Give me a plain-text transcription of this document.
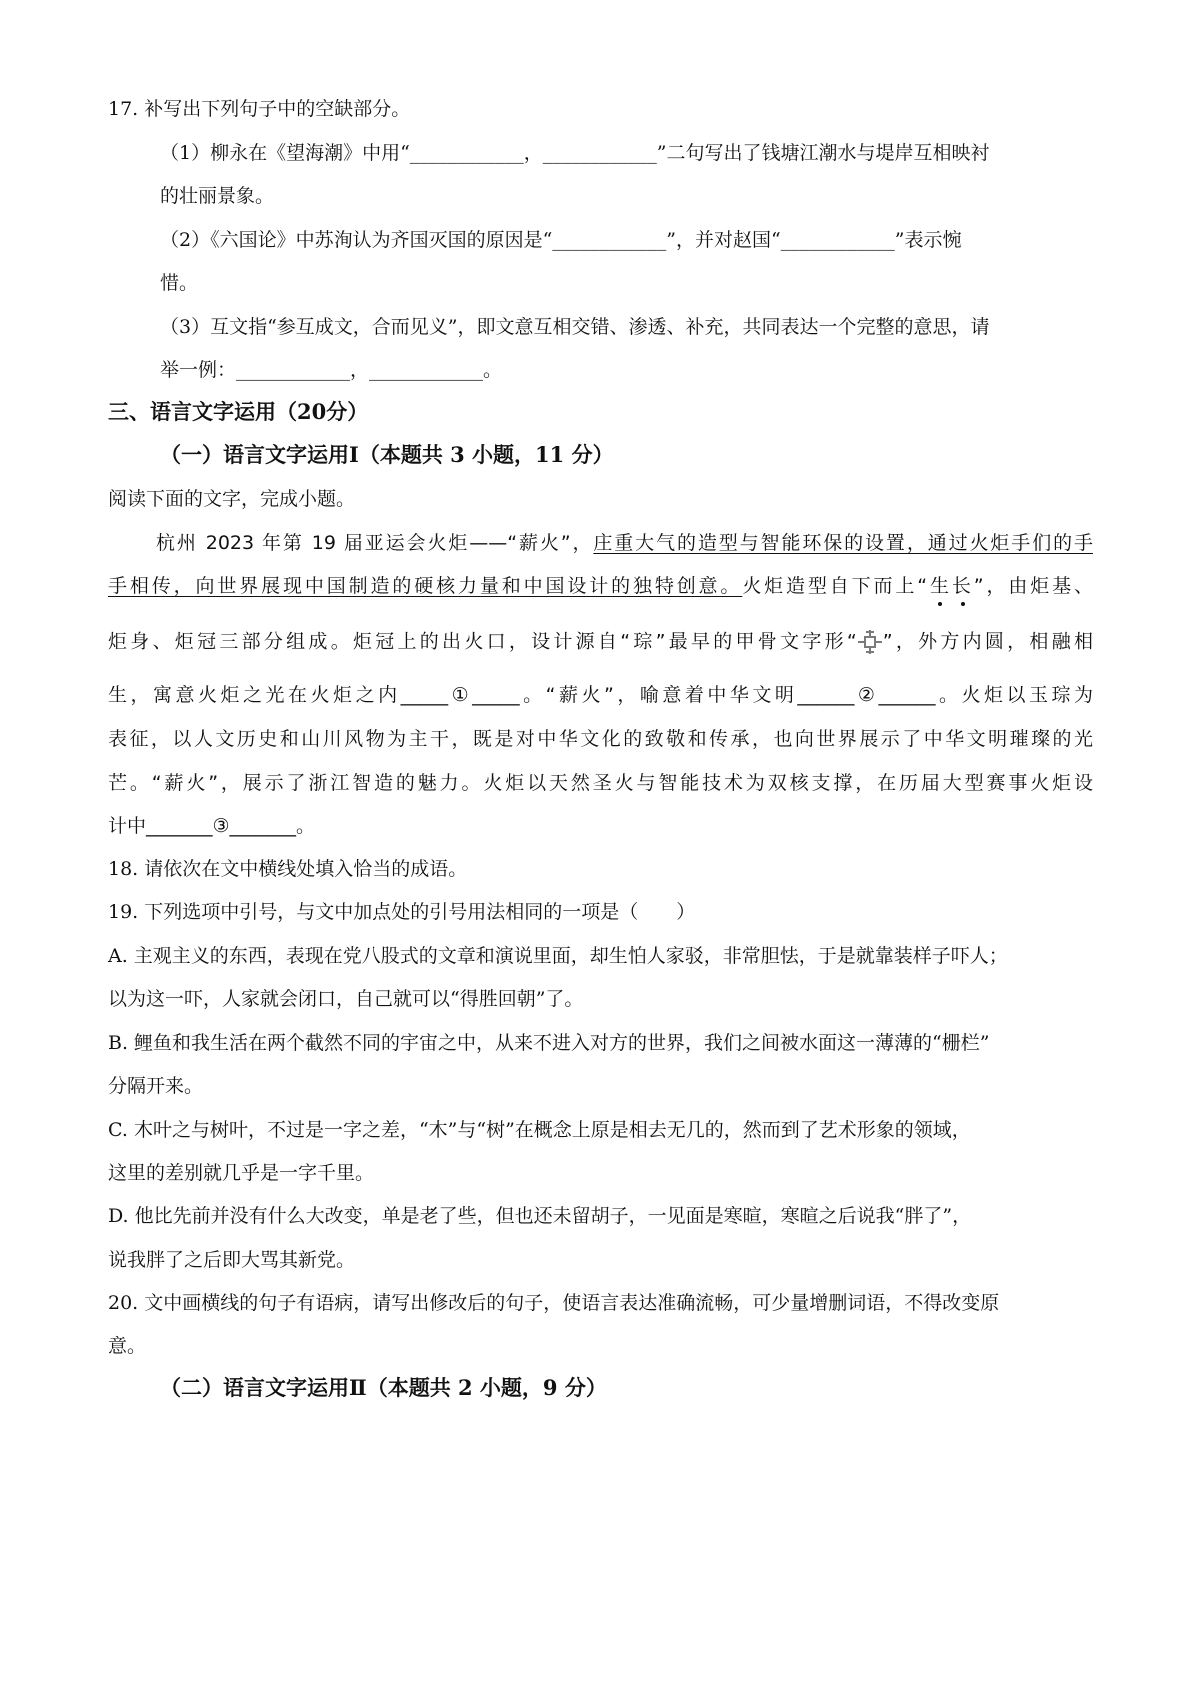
17. 补写出下列句子中的空缺部分。
（1）柳永在《望海潮》中用“____________，____________”二句写出了钱塘江潮水与堤岸互相映衬
的壮丽景象。
（2）《六国论》中苏洵认为齐国灭国的原因是“____________”，并对赵国“____________”表示惋
惜。
（3）互文指“参互成文，合而见义”，即文意互相交错、渗透、补充，共同表达一个完整的意思，请
举一例：____________，____________。
三、语言文字运用（20分）
（一）语言文字运用Ⅰ（本题共 3 小题，11 分）
阅读下面的文字，完成小题。
杭州 2023 年第 19 届亚运会火炬——“薪火”，庄重大气的造型与智能环保的设置，通过火炬手们的手
手相传，向世界展现中国制造的硬核力量和中国设计的独特创意。火炬造型自下而上“生长”，由炬基、
炬身、炬冠三部分组成。炬冠上的出火口，设计源自“琮”最早的甲骨文字形“ ”，外方内圆，相融相
生，寓意火炬之光在火炬之内_____①_____。“薪火”，喻意着中华文明______②______。火炬以玉琮为
表征，以人文历史和山川风物为主干，既是对中华文化的致敬和传承，也向世界展示了中华文明璀璨的光
芒。“薪火”，展示了浙江智造的魅力。火炬以天然圣火与智能技术为双核支撑，在历届大型赛事火炬设
计中_______③_______。
18. 请依次在文中横线处填入恰当的成语。
19. 下列选项中引号，与文中加点处的引号用法相同的一项是（　　）
A. 主观主义的东西，表现在党八股式的文章和演说里面，却生怕人家驳，非常胆怯，于是就靠装样子吓人；
以为这一吓，人家就会闭口，自己就可以“得胜回朝”了。
B. 鲤鱼和我生活在两个截然不同的宇宙之中，从来不进入对方的世界，我们之间被水面这一薄薄的“栅栏”
分隔开来。
C. 木叶之与树叶，不过是一字之差，“木”与“树”在概念上原是相去无几的，然而到了艺术形象的领域，
这里的差别就几乎是一字千里。
D. 他比先前并没有什么大改变，单是老了些，但也还未留胡子，一见面是寒暄，寒暄之后说我“胖了”，
说我胖了之后即大骂其新党。
20. 文中画横线的句子有语病，请写出修改后的句子，使语言表达准确流畅，可少量增删词语，不得改变原
意。
（二）语言文字运用Ⅱ（本题共 2 小题，9 分）
